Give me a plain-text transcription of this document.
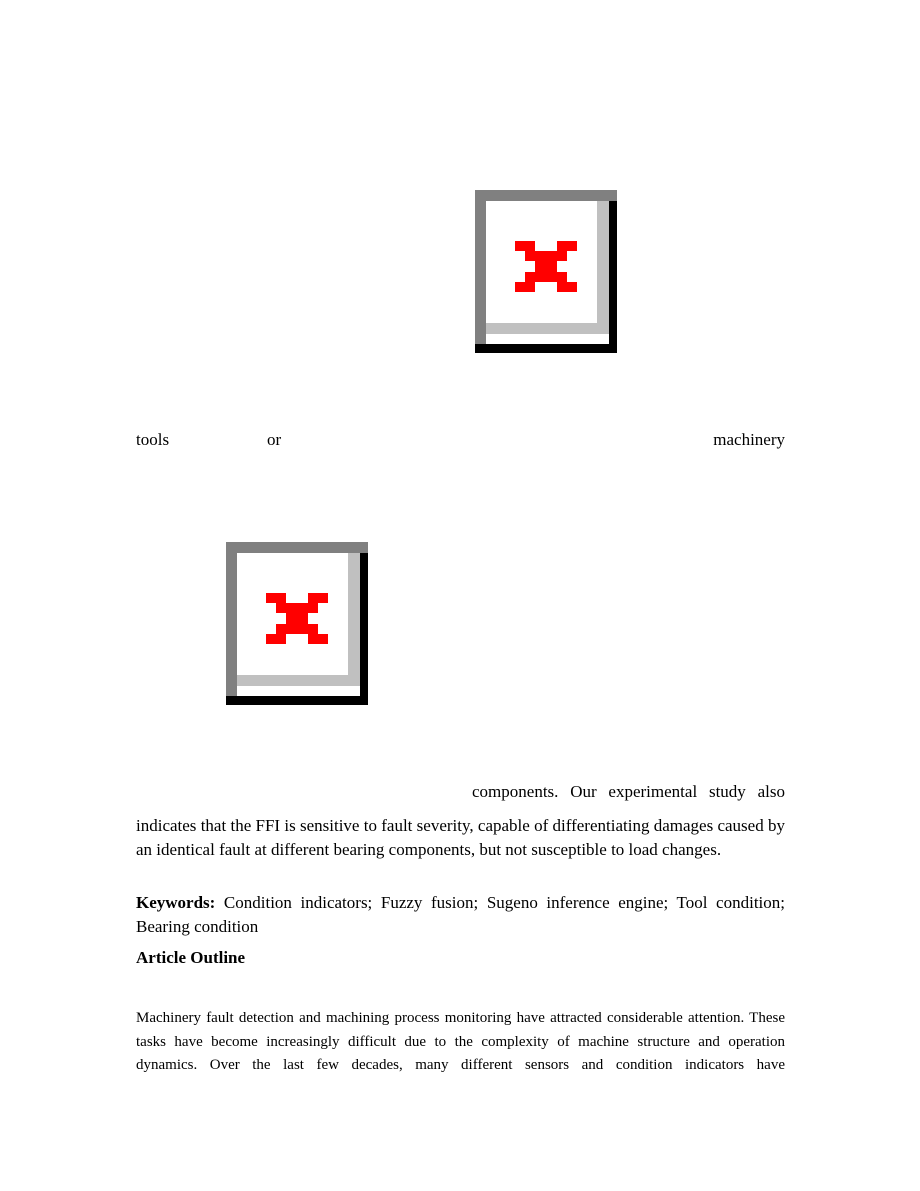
tools	or	machinery
components. Our experimental study also
indicates that the FFI is sensitive to fault severity, capable of differentiating damages caused by an identical fault at different bearing components, but not susceptible to load changes.
Keywords: Condition indicators; Fuzzy fusion; Sugeno inference engine; Tool condition; Bearing condition
Article Outline
Machinery fault detection and machining process monitoring have attracted considerable attention. These tasks have become increasingly difficult due to the complexity of machine structure and operation dynamics. Over the last few decades, many different sensors and condition indicators have
